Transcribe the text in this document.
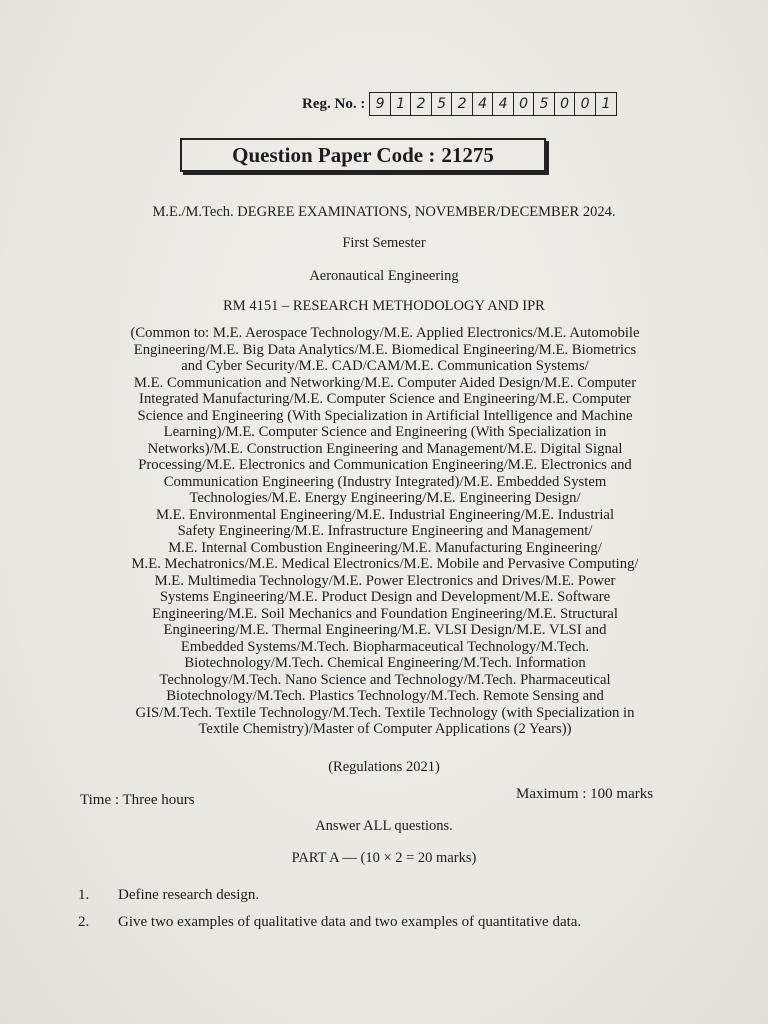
Reg. No. : 9 1 2 5 2 4 4 0 5 0 0 1
Question Paper Code : 21275
M.E./M.Tech. DEGREE EXAMINATIONS, NOVEMBER/DECEMBER 2024.
First Semester
Aeronautical Engineering
RM 4151 – RESEARCH METHODOLOGY AND IPR
(Common to: M.E. Aerospace Technology/M.E. Applied Electronics/M.E. Automobile
Engineering/M.E. Big Data Analytics/M.E. Biomedical Engineering/M.E. Biometrics
and Cyber Security/M.E. CAD/CAM/M.E. Communication Systems/
M.E. Communication and Networking/M.E. Computer Aided Design/M.E. Computer
Integrated Manufacturing/M.E. Computer Science and Engineering/M.E. Computer
Science and Engineering (With Specialization in Artificial Intelligence and Machine
Learning)/M.E. Computer Science and Engineering (With Specialization in
Networks)/M.E. Construction Engineering and Management/M.E. Digital Signal
Processing/M.E. Electronics and Communication Engineering/M.E. Electronics and
Communication Engineering (Industry Integrated)/M.E. Embedded System
Technologies/M.E. Energy Engineering/M.E. Engineering Design/
M.E. Environmental Engineering/M.E. Industrial Engineering/M.E. Industrial
Safety Engineering/M.E. Infrastructure Engineering and Management/
M.E. Internal Combustion Engineering/M.E. Manufacturing Engineering/
M.E. Mechatronics/M.E. Medical Electronics/M.E. Mobile and Pervasive Computing/
M.E. Multimedia Technology/M.E. Power Electronics and Drives/M.E. Power
Systems Engineering/M.E. Product Design and Development/M.E. Software
Engineering/M.E. Soil Mechanics and Foundation Engineering/M.E. Structural
Engineering/M.E. Thermal Engineering/M.E. VLSI Design/M.E. VLSI and
Embedded Systems/M.Tech. Biopharmaceutical Technology/M.Tech.
Biotechnology/M.Tech. Chemical Engineering/M.Tech. Information
Technology/M.Tech. Nano Science and Technology/M.Tech. Pharmaceutical
Biotechnology/M.Tech. Plastics Technology/M.Tech. Remote Sensing and
GIS/M.Tech. Textile Technology/M.Tech. Textile Technology (with Specialization in
Textile Chemistry)/Master of Computer Applications (2 Years))
(Regulations 2021)
Time : Three hours	Maximum : 100 marks
Answer ALL questions.
PART A — (10 × 2 = 20 marks)
1.	Define research design.
2.	Give two examples of qualitative data and two examples of quantitative data.
